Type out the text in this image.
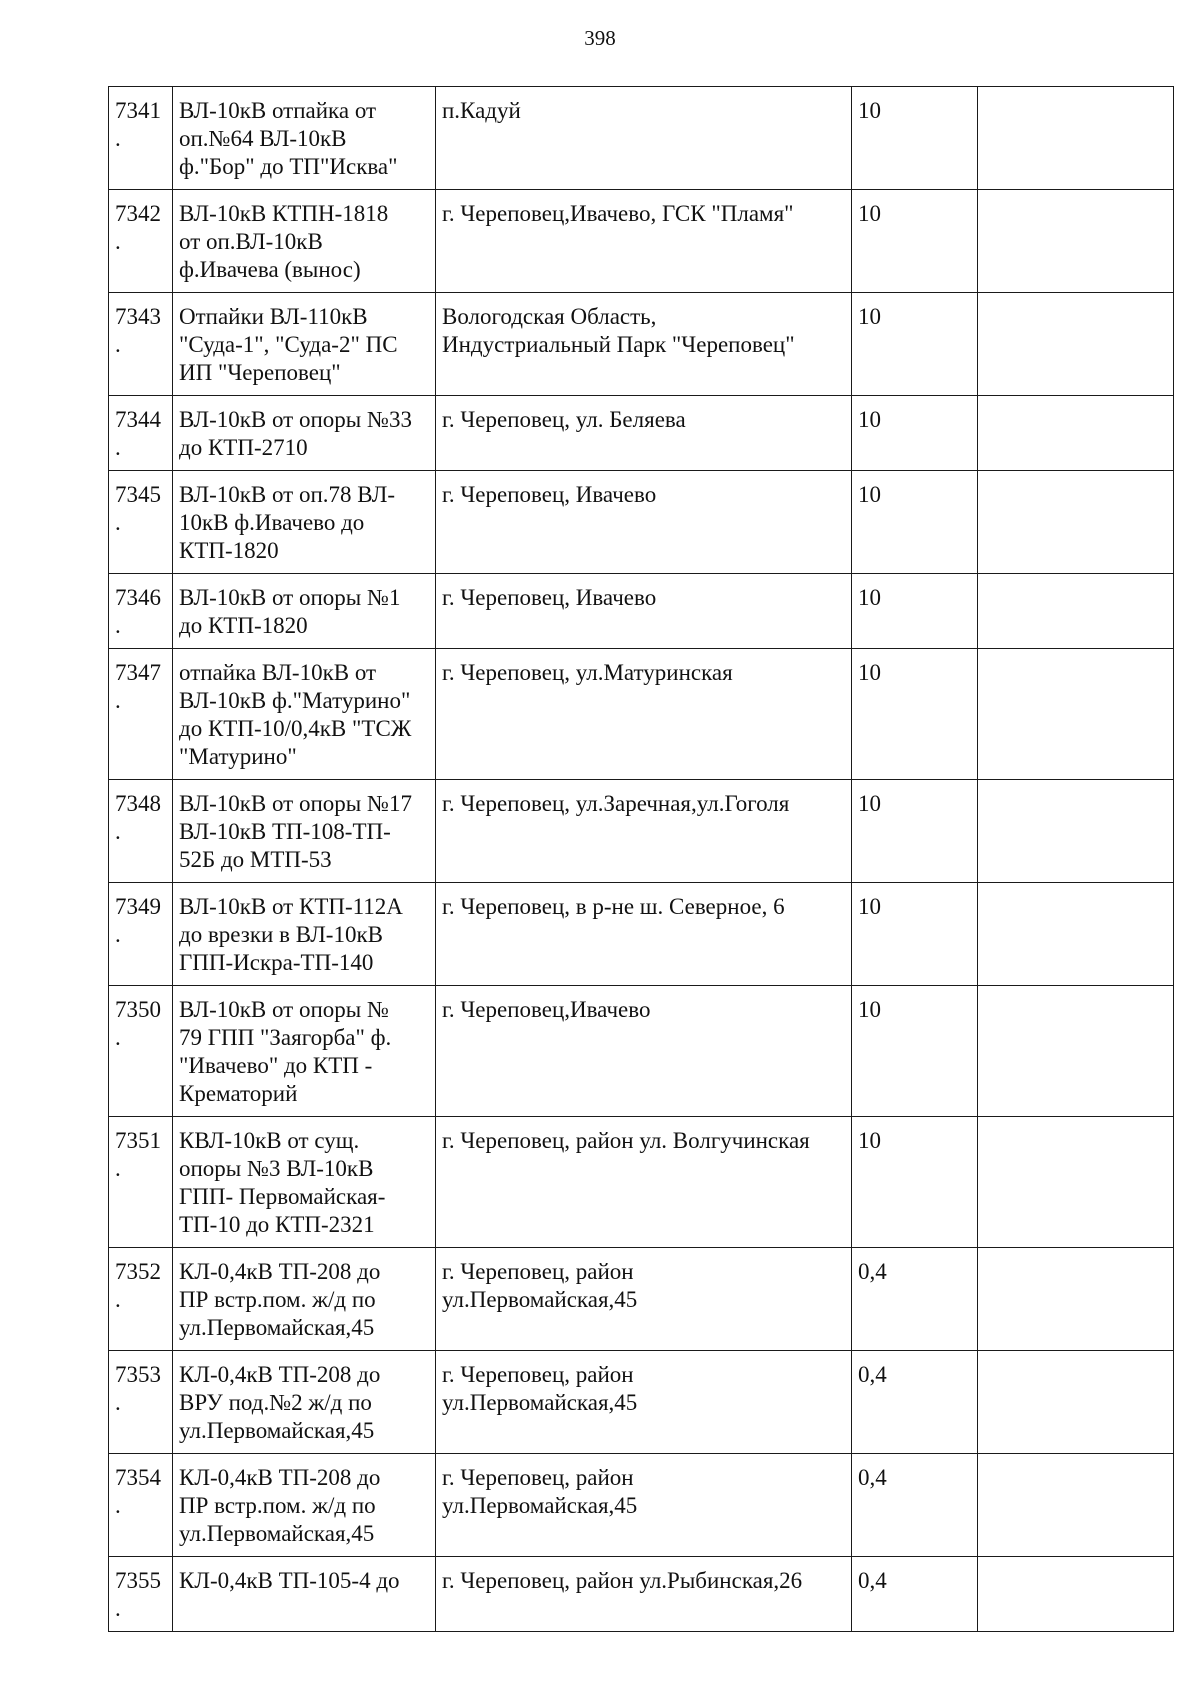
398
7341.	ВЛ-10кВ отпайка от
оп.№64 ВЛ-10кВ
ф."Бор" до ТП"Исква"	п.Кадуй	10	
7342.	ВЛ-10кВ КТПН-1818
от оп.ВЛ-10кВ
ф.Ивачева (вынос)	г. Череповец,Ивачево, ГСК "Пламя"	10	
7343.	Отпайки ВЛ-110кВ
"Суда-1", "Суда-2" ПС
ИП "Череповец"	Вологодская Область,
Индустриальный Парк "Череповец"	10	
7344.	ВЛ-10кВ от опоры №33
до КТП-2710	г. Череповец, ул. Беляева	10	
7345.	ВЛ-10кВ от оп.78 ВЛ-
10кВ ф.Ивачево до
КТП-1820	г. Череповец, Ивачево	10	
7346.	ВЛ-10кВ от опоры №1
до КТП-1820	г. Череповец, Ивачево	10	
7347.	отпайка ВЛ-10кВ от
ВЛ-10кВ ф."Матурино"
до КТП-10/0,4кВ "ТСЖ
"Матурино"	г. Череповец, ул.Матуринская	10	
7348.	ВЛ-10кВ от опоры №17
ВЛ-10кВ ТП-108-ТП-
52Б до МТП-53	г. Череповец, ул.Заречная,ул.Гоголя	10	
7349.	ВЛ-10кВ от КТП-112А
до врезки в ВЛ-10кВ
ГПП-Искра-ТП-140	г. Череповец, в р-не ш. Северное, 6	10	
7350.	ВЛ-10кВ от опоры №
79 ГПП "Заягорба" ф.
"Ивачево" до КТП -
Крематорий	г. Череповец,Ивачево	10	
7351.	КВЛ-10кВ от сущ.
опоры №3 ВЛ-10кВ
ГПП- Первомайская-
ТП-10 до КТП-2321	г. Череповец, район ул. Волгучинская	10	
7352.	КЛ-0,4кВ ТП-208 до
ПР встр.пом. ж/д по
ул.Первомайская,45	г. Череповец, район
ул.Первомайская,45	0,4	
7353.	КЛ-0,4кВ ТП-208 до
ВРУ под.№2 ж/д по
ул.Первомайская,45	г. Череповец, район
ул.Первомайская,45	0,4	
7354.	КЛ-0,4кВ ТП-208 до
ПР встр.пом. ж/д по
ул.Первомайская,45	г. Череповец, район
ул.Первомайская,45	0,4	
7355.	КЛ-0,4кВ ТП-105-4 до	г. Череповец, район ул.Рыбинская,26	0,4	
